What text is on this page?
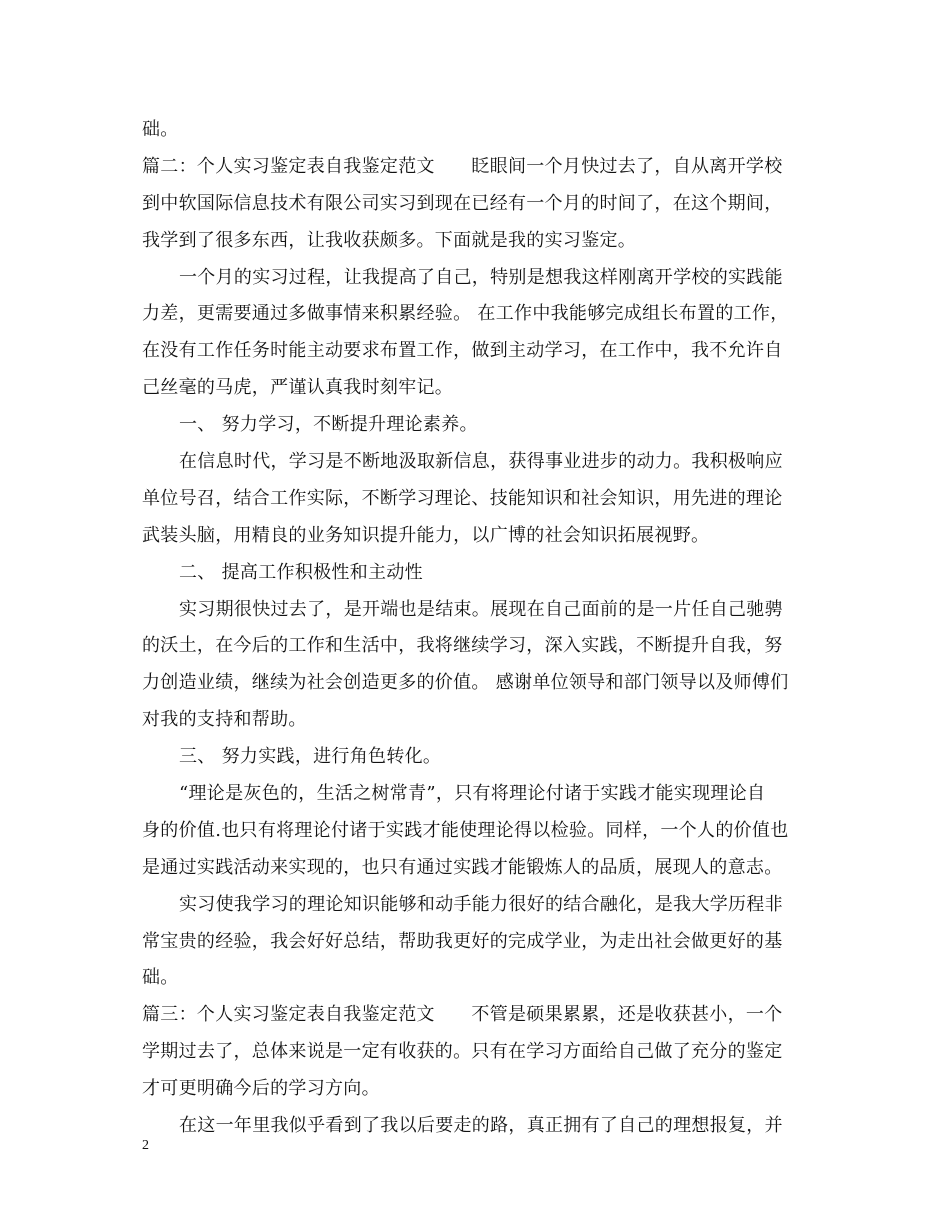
础。
篇二：个人实习鉴定表自我鉴定范文　　眨眼间一个月快过去了，自从离开学校
到中软国际信息技术有限公司实习到现在已经有一个月的时间了，在这个期间，
我学到了很多东西，让我收获颇多。下面就是我的实习鉴定。
一个月的实习过程，让我提高了自己，特别是想我这样刚离开学校的实践能
力差，更需要通过多做事情来积累经验。 在工作中我能够完成组长布置的工作，
在没有工作任务时能主动要求布置工作，做到主动学习，在工作中，我不允许自
己丝毫的马虎，严谨认真我时刻牢记。
一、 努力学习，不断提升理论素养。
在信息时代，学习是不断地汲取新信息，获得事业进步的动力。我积极响应
单位号召，结合工作实际，不断学习理论、技能知识和社会知识，用先进的理论
武装头脑，用精良的业务知识提升能力，以广博的社会知识拓展视野。
二、 提高工作积极性和主动性
实习期很快过去了，是开端也是结束。展现在自己面前的是一片任自己驰骋
的沃土，在今后的工作和生活中，我将继续学习，深入实践，不断提升自我，努
力创造业绩，继续为社会创造更多的价值。 感谢单位领导和部门领导以及师傅们
对我的支持和帮助。
三、 努力实践，进行角色转化。
“理论是灰色的，生活之树常青”，只有将理论付诸于实践才能实现理论自
身的价值.也只有将理论付诸于实践才能使理论得以检验。同样，一个人的价值也
是通过实践活动来实现的，也只有通过实践才能锻炼人的品质，展现人的意志。
实习使我学习的理论知识能够和动手能力很好的结合融化，是我大学历程非
常宝贵的经验，我会好好总结，帮助我更好的完成学业，为走出社会做更好的基
础。
篇三：个人实习鉴定表自我鉴定范文　　不管是硕果累累，还是收获甚小，一个
学期过去了，总体来说是一定有收获的。只有在学习方面给自己做了充分的鉴定
才可更明确今后的学习方向。
在这一年里我似乎看到了我以后要走的路，真正拥有了自己的理想报复，并
2
